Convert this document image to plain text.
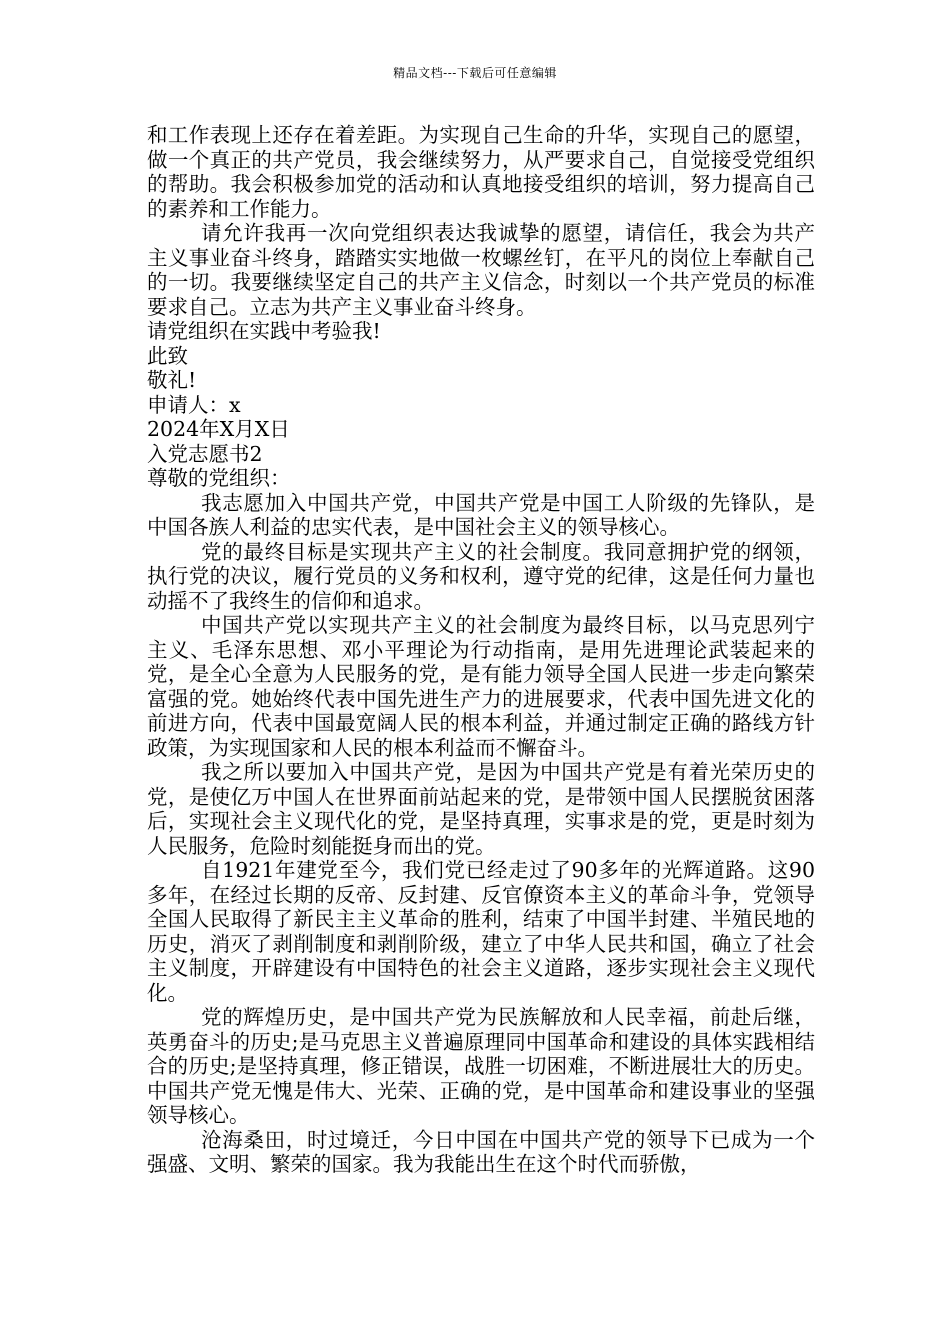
精品文档---下载后可任意编辑

和工作表现上还存在着差距。为实现自己生命的升华，实现自己的愿望，做一个真正的共产党员，我会继续努力，从严要求自己，自觉接受党组织的帮助。我会积极参加党的活动和认真地接受组织的培训，努力提高自己的素养和工作能力。

请允许我再一次向党组织表达我诚挚的愿望，请信任，我会为共产主义事业奋斗终身，踏踏实实地做一枚螺丝钉，在平凡的岗位上奉献自己的一切。我要继续坚定自己的共产主义信念，时刻以一个共产党员的标准要求自己。立志为共产主义事业奋斗终身。

请党组织在实践中考验我!

此致

敬礼!

申请人：x

2024年X月X日

入党志愿书2

尊敬的党组织：

我志愿加入中国共产党，中国共产党是中国工人阶级的先锋队，是中国各族人利益的忠实代表，是中国社会主义的领导核心。

党的最终目标是实现共产主义的社会制度。我同意拥护党的纲领，执行党的决议，履行党员的义务和权利，遵守党的纪律，这是任何力量也动摇不了我终生的信仰和追求。

中国共产党以实现共产主义的社会制度为最终目标，以马克思列宁主义、毛泽东思想、邓小平理论为行动指南，是用先进理论武装起来的党，是全心全意为人民服务的党，是有能力领导全国人民进一步走向繁荣富强的党。她始终代表中国先进生产力的进展要求，代表中国先进文化的前进方向，代表中国最宽阔人民的根本利益，并通过制定正确的路线方针政策，为实现国家和人民的根本利益而不懈奋斗。

我之所以要加入中国共产党，是因为中国共产党是有着光荣历史的党，是使亿万中国人在世界面前站起来的党，是带领中国人民摆脱贫困落后，实现社会主义现代化的党，是坚持真理，实事求是的党，更是时刻为人民服务，危险时刻能挺身而出的党。

自1921年建党至今，我们党已经走过了90多年的光辉道路。这90多年，在经过长期的反帝、反封建、反官僚资本主义的革命斗争，党领导全国人民取得了新民主主义革命的胜利，结束了中国半封建、半殖民地的历史，消灭了剥削制度和剥削阶级，建立了中华人民共和国，确立了社会主义制度，开辟建设有中国特色的社会主义道路，逐步实现社会主义现代化。

党的辉煌历史，是中国共产党为民族解放和人民幸福，前赴后继，英勇奋斗的历史;是马克思主义普遍原理同中国革命和建设的具体实践相结合的历史;是坚持真理，修正错误，战胜一切困难，不断进展壮大的历史。中国共产党无愧是伟大、光荣、正确的党，是中国革命和建设事业的坚强领导核心。

沧海桑田，时过境迁，今日中国在中国共产党的领导下已成为一个强盛、文明、繁荣的国家。我为我能出生在这个时代而骄傲，
